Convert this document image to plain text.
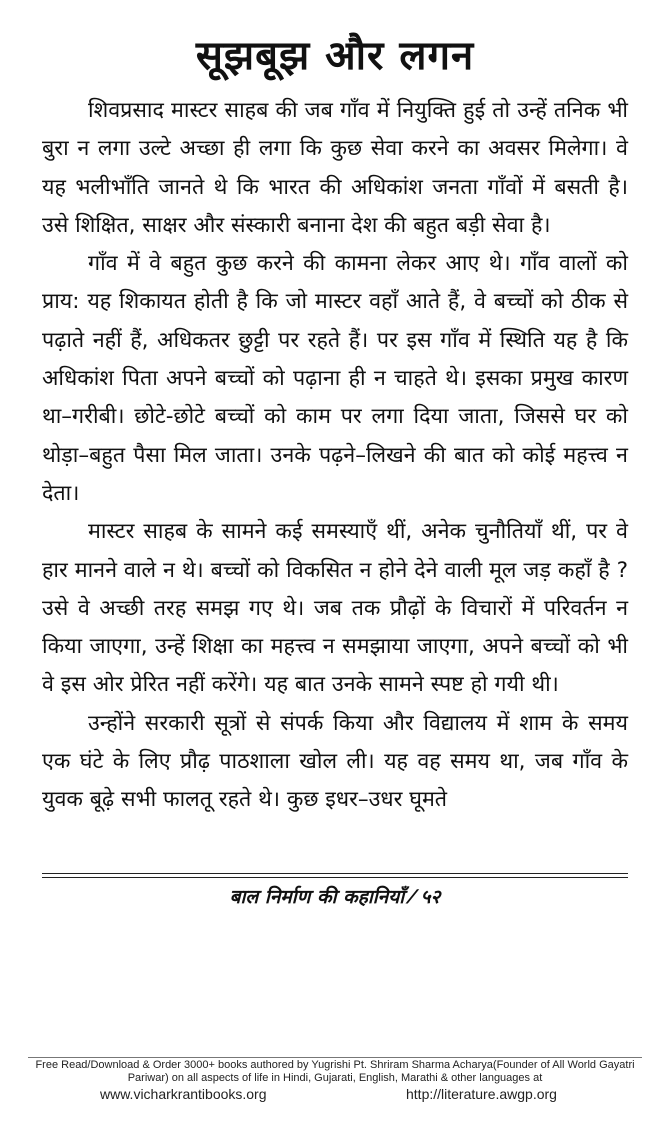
सूझबूझ और लगन

शिवप्रसाद मास्टर साहब की जब गाँव में नियुक्ति हुई तो उन्हें तनिक भी बुरा न लगा उल्टे अच्छा ही लगा कि कुछ सेवा करने का अवसर मिलेगा। वे यह भलीभाँति जानते थे कि भारत की अधिकांश जनता गाँवों में बसती है। उसे शिक्षित, साक्षर और संस्कारी बनाना देश की बहुत बड़ी सेवा है।

गाँव में वे बहुत कुछ करने की कामना लेकर आए थे। गाँव वालों को प्राय: यह शिकायत होती है कि जो मास्टर वहाँ आते हैं, वे बच्चों को ठीक से पढ़ाते नहीं हैं, अधिकतर छुट्टी पर रहते हैं। पर इस गाँव में स्थिति यह है कि अधिकांश पिता अपने बच्चों को पढ़ाना ही न चाहते थे। इसका प्रमुख कारण था–गरीबी। छोटे-छोटे बच्चों को काम पर लगा दिया जाता, जिससे घर को थोड़ा–बहुत पैसा मिल जाता। उनके पढ़ने–लिखने की बात को कोई महत्त्व न देता।

मास्टर साहब के सामने कई समस्याएँ थीं, अनेक चुनौतियाँ थीं, पर वे हार मानने वाले न थे। बच्चों को विकसित न होने देने वाली मूल जड़ कहाँ है ? उसे वे अच्छी तरह समझ गए थे। जब तक प्रौढ़ों के विचारों में परिवर्तन न किया जाएगा, उन्हें शिक्षा का महत्त्व न समझाया जाएगा, अपने बच्चों को भी वे इस ओर प्रेरित नहीं करेंगे। यह बात उनके सामने स्पष्ट हो गयी थी।

उन्होंने सरकारी सूत्रों से संपर्क किया और विद्यालय में शाम के समय एक घंटे के लिए प्रौढ़ पाठशाला खोल ली। यह वह समय था, जब गाँव के युवक बूढ़े सभी फालतू रहते थे। कुछ इधर–उधर घूमते

बाल निर्माण की कहानियाँ ⁄ ५२
Free Read/Download & Order 3000+ books authored by Yugrishi Pt. Shriram Sharma Acharya(Founder of All World Gayatri Pariwar) on all aspects of life in Hindi, Gujarati, English, Marathi & other languages at
www.vicharkrantibooks.org	http://literature.awgp.org
